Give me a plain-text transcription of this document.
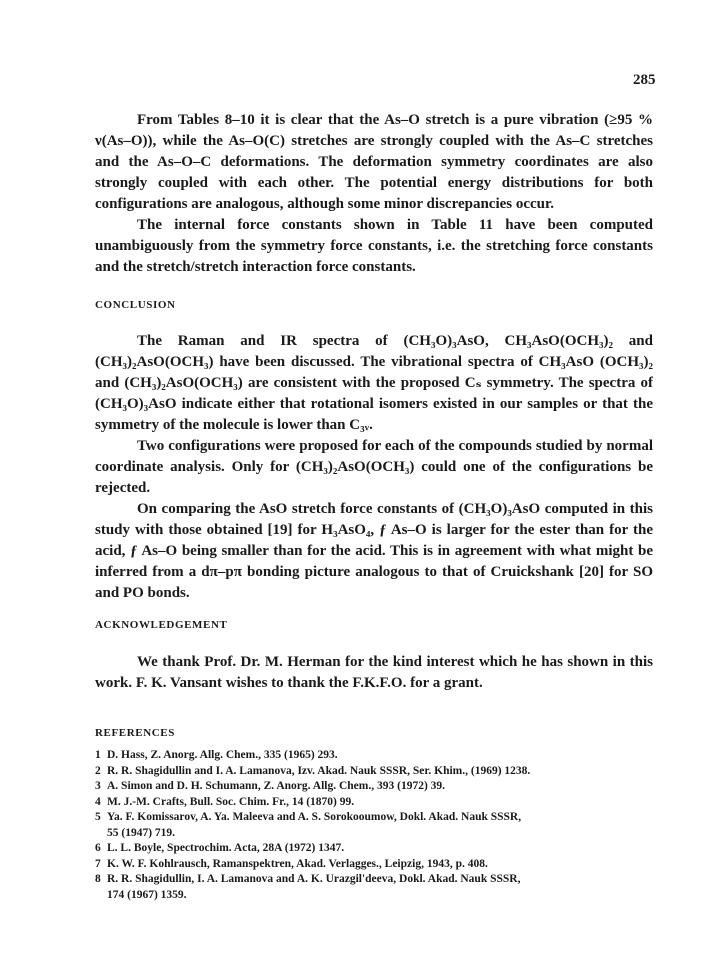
285

From Tables 8–10 it is clear that the As–O stretch is a pure vibration (≥95 % ν(As–O)), while the As–O(C) stretches are strongly coupled with the As–C stretches and the As–O–C deformations. The deformation symmetry coordinates are also strongly coupled with each other. The potential energy distributions for both configurations are analogous, although some minor discrepancies occur.

The internal force constants shown in Table 11 have been computed unambiguously from the symmetry force constants, i.e. the stretching force constants and the stretch/stretch interaction force constants.

CONCLUSION

The Raman and IR spectra of (CH₃O)₃AsO, CH₃AsO(OCH₃)₂ and (CH₃)₂AsO(OCH₃) have been discussed. The vibrational spectra of CH₃AsO (OCH₃)₂ and (CH₃)₂AsO(OCH₃) are consistent with the proposed Cₛ symmetry. The spectra of (CH₃O)₃AsO indicate either that rotational isomers existed in our samples or that the symmetry of the molecule is lower than C₃ᵥ.

Two configurations were proposed for each of the compounds studied by normal coordinate analysis. Only for (CH₃)₂AsO(OCH₃) could one of the configurations be rejected.

On comparing the AsO stretch force constants of (CH₃O)₃AsO computed in this study with those obtained [19] for H₃AsO₄, ƒ As–O is larger for the ester than for the acid, ƒ As–O being smaller than for the acid. This is in agreement with what might be inferred from a dπ–pπ bonding picture analogous to that of Cruickshank [20] for SO and PO bonds.

ACKNOWLEDGEMENT

We thank Prof. Dr. M. Herman for the kind interest which he has shown in this work. F. K. Vansant wishes to thank the F.K.F.O. for a grant.

REFERENCES
1 D. Hass, Z. Anorg. Allg. Chem., 335 (1965) 293.
2 R. R. Shagidullin and I. A. Lamanova, Izv. Akad. Nauk SSSR, Ser. Khim., (1969) 1238.
3 A. Simon and D. H. Schumann, Z. Anorg. Allg. Chem., 393 (1972) 39.
4 M. J.-M. Crafts, Bull. Soc. Chim. Fr., 14 (1870) 99.
5 Ya. F. Komissarov, A. Ya. Maleeva and A. S. Sorokooumow, Dokl. Akad. Nauk SSSR,
55 (1947) 719.
6 L. L. Boyle, Spectrochim. Acta, 28A (1972) 1347.
7 K. W. F. Kohlrausch, Ramanspektren, Akad. Verlagges., Leipzig, 1943, p. 408.
8 R. R. Shagidullin, I. A. Lamanova and A. K. Urazgil'deeva, Dokl. Akad. Nauk SSSR,
174 (1967) 1359.
